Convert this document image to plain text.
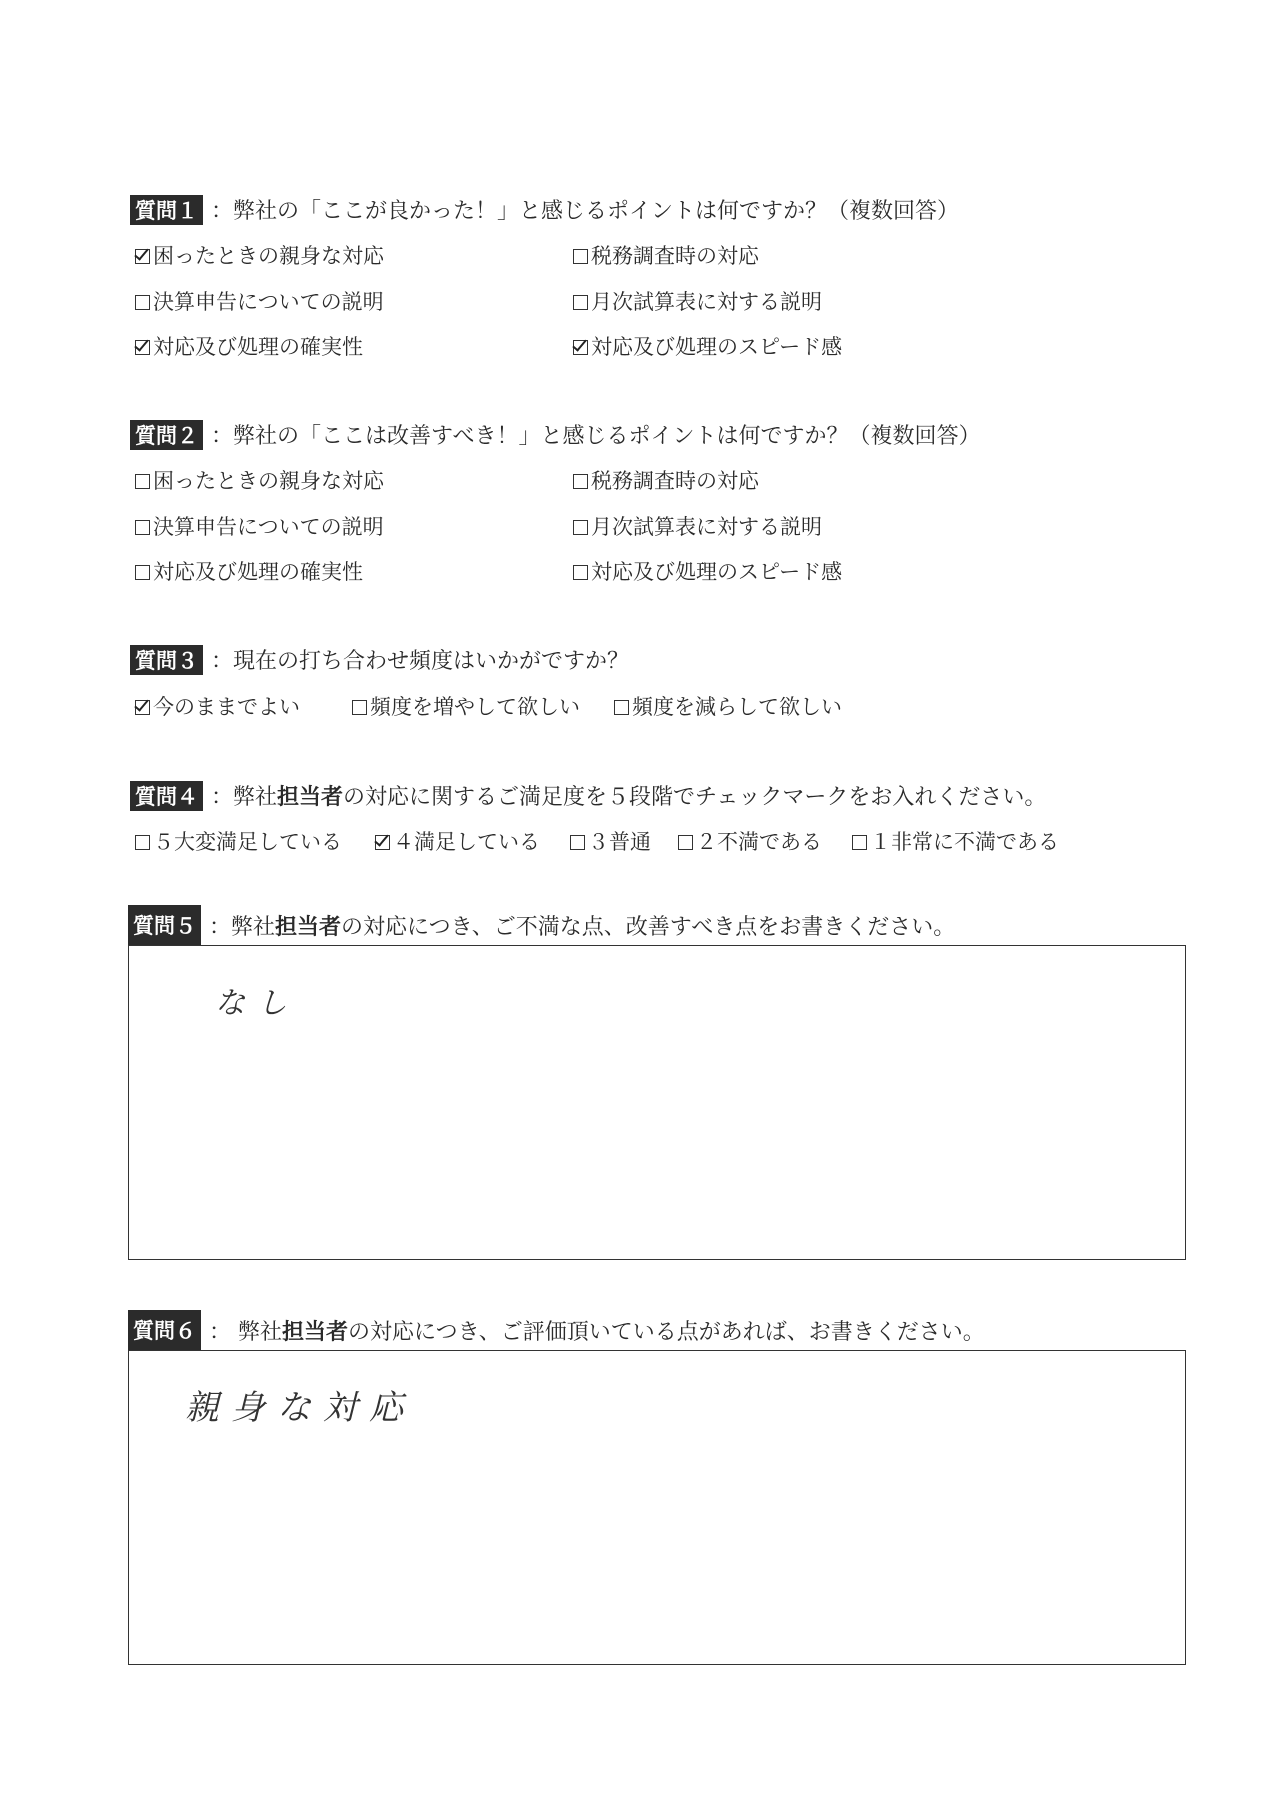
質問１ ：弊社の「ここが良かった！」と感じるポイントは何ですか？（複数回答）
困ったときの親身な対応	税務調査時の対応
決算申告についての説明	月次試算表に対する説明
対応及び処理の確実性	対応及び処理のスピード感
質問２ ：弊社の「ここは改善すべき！」と感じるポイントは何ですか？（複数回答）
困ったときの親身な対応	税務調査時の対応
決算申告についての説明	月次試算表に対する説明
対応及び処理の確実性	対応及び処理のスピード感
質問３ ：現在の打ち合わせ頻度はいかがですか？
今のままでよい	頻度を増やして欲しい 頻度を減らして欲しい
質問４ ：弊社担当者の対応に関するご満足度を５段階でチェックマークをお入れください。
５大変満足している ４満足している ３普通 ２不満である １非常に不満である
質問５ ：弊社担当者の対応につき、ご不満な点、改善すべき点をお書きください。
なし
質問６ ： 弊社担当者の対応につき、ご評価頂いている点があれば、お書きください。
親身な対応
